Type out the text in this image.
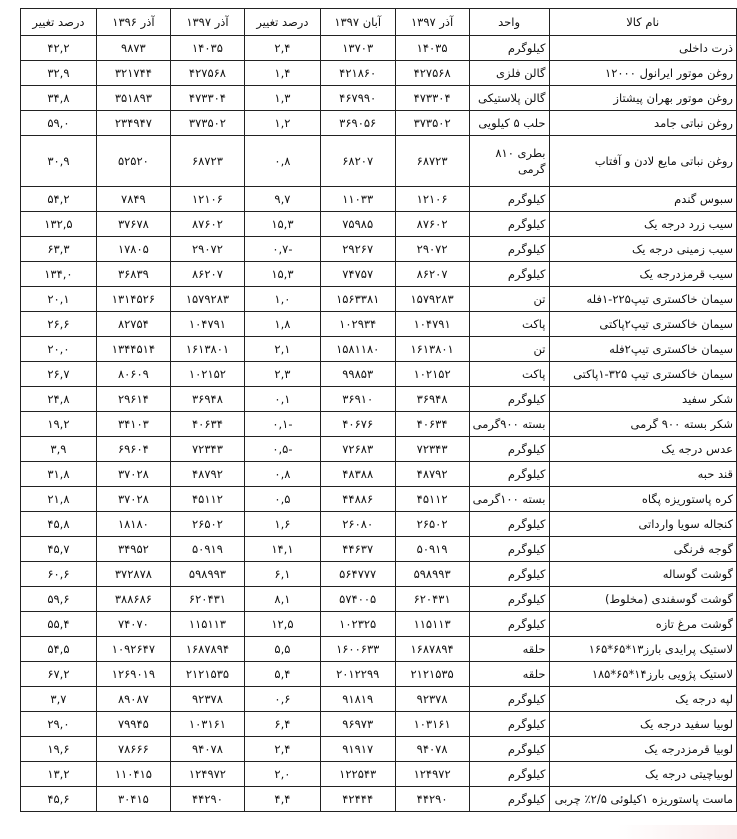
نام کالا	واحد	آذر ۱۳۹۷	آبان ۱۳۹۷	درصد تغییر	آذر ۱۳۹۷	آذر ۱۳۹۶	درصد تغییر
ذرت داخلی	کیلوگرم	۱۴۰۳۵	۱۳۷۰۳	۲,۴	۱۴۰۳۵	۹۸۷۳	۴۲,۲
روغن موتور ایرانول ۱۲۰۰۰	گالن فلزی	۴۲۷۵۶۸	۴۲۱۸۶۰	۱,۴	۴۲۷۵۶۸	۳۲۱۷۴۴	۳۲,۹
روغن موتور بهران پیشتاز	گالن پلاستیکی	۴۷۳۳۰۴	۴۶۷۹۹۰	۱,۳	۴۷۳۳۰۴	۳۵۱۸۹۳	۳۴,۸
روغن نباتی جامد	حلب ۵ کیلویی	۳۷۳۵۰۲	۳۶۹۰۵۶	۱,۲	۳۷۳۵۰۲	۲۳۴۹۴۷	۵۹,۰
روغن نباتی مایع لادن و آفتاب	بطری ۸۱۰ گرمی	۶۸۷۲۳	۶۸۲۰۷	۰,۸	۶۸۷۲۳	۵۲۵۲۰	۳۰,۹
سبوس گندم	کیلوگرم	۱۲۱۰۶	۱۱۰۳۳	۹,۷	۱۲۱۰۶	۷۸۴۹	۵۴,۲
سیب زرد درجه یک	کیلوگرم	۸۷۶۰۲	۷۵۹۸۵	۱۵,۳	۸۷۶۰۲	۳۷۶۷۸	۱۳۲,۵
سیب زمینی درجه یک	کیلوگرم	۲۹۰۷۲	۲۹۲۶۷	-۰,۷	۲۹۰۷۲	۱۷۸۰۵	۶۳,۳
سیب قرمزدرجه یک	کیلوگرم	۸۶۲۰۷	۷۴۷۵۷	۱۵,۳	۸۶۲۰۷	۳۶۸۳۹	۱۳۴,۰
سیمان خاکستری تیپ۲۲۵-۱فله	تن	۱۵۷۹۲۸۳	۱۵۶۳۳۸۱	۱,۰	۱۵۷۹۲۸۳	۱۳۱۴۵۲۶	۲۰,۱
سیمان خاکستری تیپ۲پاکتی	پاکت	۱۰۴۷۹۱	۱۰۲۹۳۴	۱,۸	۱۰۴۷۹۱	۸۲۷۵۴	۲۶,۶
سیمان خاکستری تیپ۲فله	تن	۱۶۱۳۸۰۱	۱۵۸۱۱۸۰	۲,۱	۱۶۱۳۸۰۱	۱۳۴۴۵۱۴	۲۰,۰
سیمان خاکستری تیپ ۳۲۵-۱پاکتی	پاکت	۱۰۲۱۵۲	۹۹۸۵۳	۲,۳	۱۰۲۱۵۲	۸۰۶۰۹	۲۶,۷
شکر سفید	کیلوگرم	۳۶۹۴۸	۳۶۹۱۰	۰,۱	۳۶۹۴۸	۲۹۶۱۴	۲۴,۸
شکر بسته ۹۰۰ گرمی	بسته ۹۰۰گرمی	۴۰۶۳۴	۴۰۶۷۶	-۰,۱	۴۰۶۳۴	۳۴۱۰۳	۱۹,۲
عدس درجه یک	کیلوگرم	۷۲۳۴۳	۷۲۶۸۳	-۰,۵	۷۲۳۴۳	۶۹۶۰۴	۳,۹
قند حبه	کیلوگرم	۴۸۷۹۲	۴۸۳۸۸	۰,۸	۴۸۷۹۲	۳۷۰۲۸	۳۱,۸
کره پاستوریزه پگاه	بسته ۱۰۰گرمی	۴۵۱۱۲	۴۴۸۸۶	۰,۵	۴۵۱۱۲	۳۷۰۲۸	۲۱,۸
کنجاله سویا وارداتی	کیلوگرم	۲۶۵۰۲	۲۶۰۸۰	۱,۶	۲۶۵۰۲	۱۸۱۸۰	۴۵,۸
گوجه فرنگی	کیلوگرم	۵۰۹۱۹	۴۴۶۳۷	۱۴,۱	۵۰۹۱۹	۳۴۹۵۲	۴۵,۷
گوشت گوساله	کیلوگرم	۵۹۸۹۹۳	۵۶۴۷۷۷	۶,۱	۵۹۸۹۹۳	۳۷۲۸۷۸	۶۰,۶
گوشت گوسفندی (مخلوط)	کیلوگرم	۶۲۰۴۳۱	۵۷۴۰۰۵	۸,۱	۶۲۰۴۳۱	۳۸۸۶۸۶	۵۹,۶
گوشت مرغ تازه	کیلوگرم	۱۱۵۱۱۳	۱۰۲۳۲۵	۱۲,۵	۱۱۵۱۱۳	۷۴۰۷۰	۵۵,۴
لاستیک پرایدی بارز۱۳*۶۵*۱۶۵	حلقه	۱۶۸۷۸۹۴	۱۶۰۰۶۳۳	۵,۵	۱۶۸۷۸۹۴	۱۰۹۲۶۴۷	۵۴,۵
لاستیک پژویی بارز۱۴*۶۵*۱۸۵	حلقه	۲۱۲۱۵۳۵	۲۰۱۲۲۹۹	۵,۴	۲۱۲۱۵۳۵	۱۲۶۹۰۱۹	۶۷,۲
لپه درجه یک	کیلوگرم	۹۲۳۷۸	۹۱۸۱۹	۰,۶	۹۲۳۷۸	۸۹۰۸۷	۳,۷
لوبیا سفید درجه یک	کیلوگرم	۱۰۳۱۶۱	۹۶۹۷۳	۶,۴	۱۰۳۱۶۱	۷۹۹۴۵	۲۹,۰
لوبیا قرمزدرجه یک	کیلوگرم	۹۴۰۷۸	۹۱۹۱۷	۲,۴	۹۴۰۷۸	۷۸۶۶۶	۱۹,۶
لوبیاچیتی درجه یک	کیلوگرم	۱۲۴۹۷۲	۱۲۲۵۴۳	۲,۰	۱۲۴۹۷۲	۱۱۰۴۱۵	۱۳,۲
ماست پاستوریزه ۱کیلوئی ۲/۵٪ چربی	کیلوگرم	۴۴۲۹۰	۴۲۴۴۴	۴,۴	۴۴۲۹۰	۳۰۴۱۵	۴۵,۶
